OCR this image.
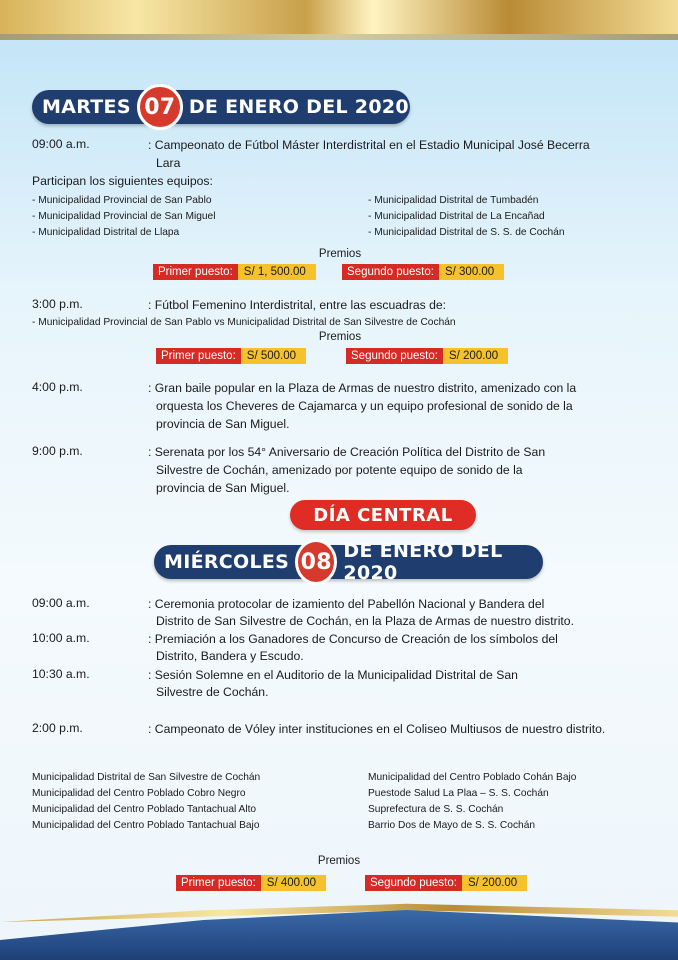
MARTES 07 DE ENERO DEL 2020
09:00 a.m.	: Campeonato de Fútbol Máster Interdistrital en el Estadio Municipal José Becerra
Lara
Participan los siguientes equipos:
- Municipalidad Provincial de San Pablo
- Municipalidad Provincial de San Miguel
- Municipalidad Distrital de Llapa
- Municipalidad Distrital de Tumbadén
- Municipalidad Distrital de La Encañad
- Municipalidad Distrital de S. S. de Cochán
Premios
Primer puesto: S/ 1, 500.00	Segundo puesto: S/ 300.00
3:00 p.m.	: Fútbol Femenino Interdistrital, entre las escuadras de:
- Municipalidad Provincial de San Pablo vs Municipalidad Distrital de San Silvestre de Cochán
Premios
Primer puesto: S/ 500.00	Segundo puesto: S/ 200.00
4:00 p.m.	: Gran baile popular en la Plaza de Armas de nuestro distrito, amenizado con la
orquesta los Cheveres de Cajamarca y un equipo profesional de sonido de la
provincia de San Miguel.
9:00 p.m.	: Serenata por los 54° Aniversario de Creación Política del Distrito de San
Silvestre de Cochán, amenizado por potente equipo de sonido de la
provincia de San Miguel.
DÍA CENTRAL
MIÉRCOLES 08 DE ENERO DEL 2020
09:00 a.m.	: Ceremonia protocolar de izamiento del Pabellón Nacional y Bandera del
Distrito de San Silvestre de Cochán, en la Plaza de Armas de nuestro distrito.
10:00 a.m.	: Premiación a los Ganadores de Concurso de Creación de los símbolos del
Distrito, Bandera y Escudo.
10:30 a.m.	: Sesión Solemne en el Auditorio de la Municipalidad Distrital de San
Silvestre de Cochán.
2:00 p.m.	: Campeonato de Vóley inter instituciones en el Coliseo Multiusos de nuestro distrito.
Municipalidad Distrital de San Silvestre de Cochán
Municipalidad del Centro Poblado Cobro Negro
Municipalidad del Centro Poblado Tantachual Alto
Municipalidad del Centro Poblado Tantachual Bajo
Municipalidad del Centro Poblado Cohán Bajo
Puestode Salud La Plaa – S. S. Cochán
Suprefectura de S. S. Cochán
Barrio Dos de Mayo de S. S. Cochán
Premios
Primer puesto: S/ 400.00	Segundo puesto: S/ 200.00
